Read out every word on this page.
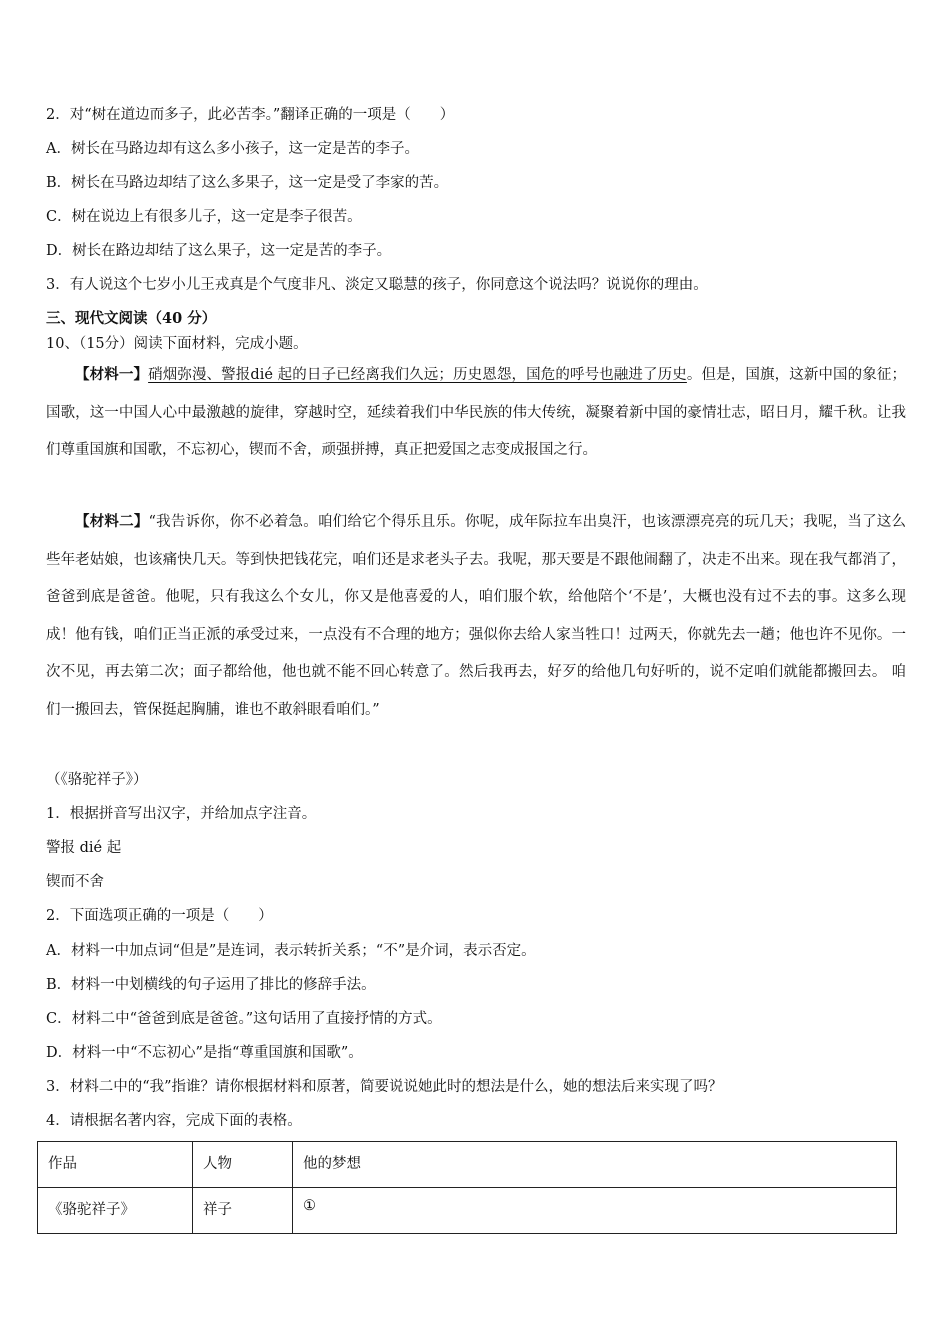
2．对“树在道边而多子，此必苦李。”翻译正确的一项是（　　）
A．树长在马路边却有这么多小孩子，这一定是苦的李子。
B．树长在马路边却结了这么多果子，这一定是受了李家的苦。
C．树在说边上有很多儿子，这一定是李子很苦。
D．树长在路边却结了这么果子，这一定是苦的李子。
3．有人说这个七岁小儿王戎真是个气度非凡、淡定又聪慧的孩子，你同意这个说法吗？说说你的理由。
三、现代文阅读（40 分）
10、（15分）阅读下面材料，完成小题。
【材料一】硝烟弥漫、警报dié 起的日子已经离我们久远；历史恩怨，国危的呼号也融进了历史。但是，国旗，这新中国的象征；国歌，这一中国人心中最激越的旋律，穿越时空，延续着我们中华民族的伟大传统，凝聚着新中国的豪情壮志，昭日月，耀千秋。让我们尊重国旗和国歌，不忘初心，锲而不舍，顽强拼搏，真正把爱国之志变成报国之行。
【材料二】“我告诉你，你不必着急。咱们给它个得乐且乐。你呢，成年际拉车出臭汗，也该漂漂亮亮的玩几天；我呢，当了这么些年老姑娘，也该痛快几天。等到快把钱花完，咱们还是求老头子去。我呢，那天要是不跟他闹翻了，决走不出来。现在我气都消了，爸爸到底是爸爸。他呢，只有我这么个女儿，你又是他喜爱的人，咱们服个软，给他陪个‘不是’，大概也没有过不去的事。这多么现成！他有钱，咱们正当正派的承受过来，一点没有不合理的地方；强似你去给人家当牲口！过两天，你就先去一趟；他也许不见你。一次不见，再去第二次；面子都给他，他也就不能不回心转意了。然后我再去，好歹的给他几句好听的，说不定咱们就能都搬回去。 咱们一搬回去，管保挺起胸脯，谁也不敢斜眼看咱们。”
（《骆驼祥子》）
1．根据拼音写出汉字，并给加点字注音。
警报 dié 起
锲而不舍
2．下面选项正确的一项是（　　）
A．材料一中加点词“但是”是连词，表示转折关系；“不”是介词，表示否定。
B．材料一中划横线的句子运用了排比的修辞手法。
C．材料二中“爸爸到底是爸爸。”这句话用了直接抒情的方式。
D．材料一中“不忘初心”是指“尊重国旗和国歌”。
3．材料二中的“我”指谁？请你根据材料和原著，简要说说她此时的想法是什么，她的想法后来实现了吗？
4．请根据名著内容，完成下面的表格。
作品	人物	他的梦想
《骆驼祥子》	祥子	①
